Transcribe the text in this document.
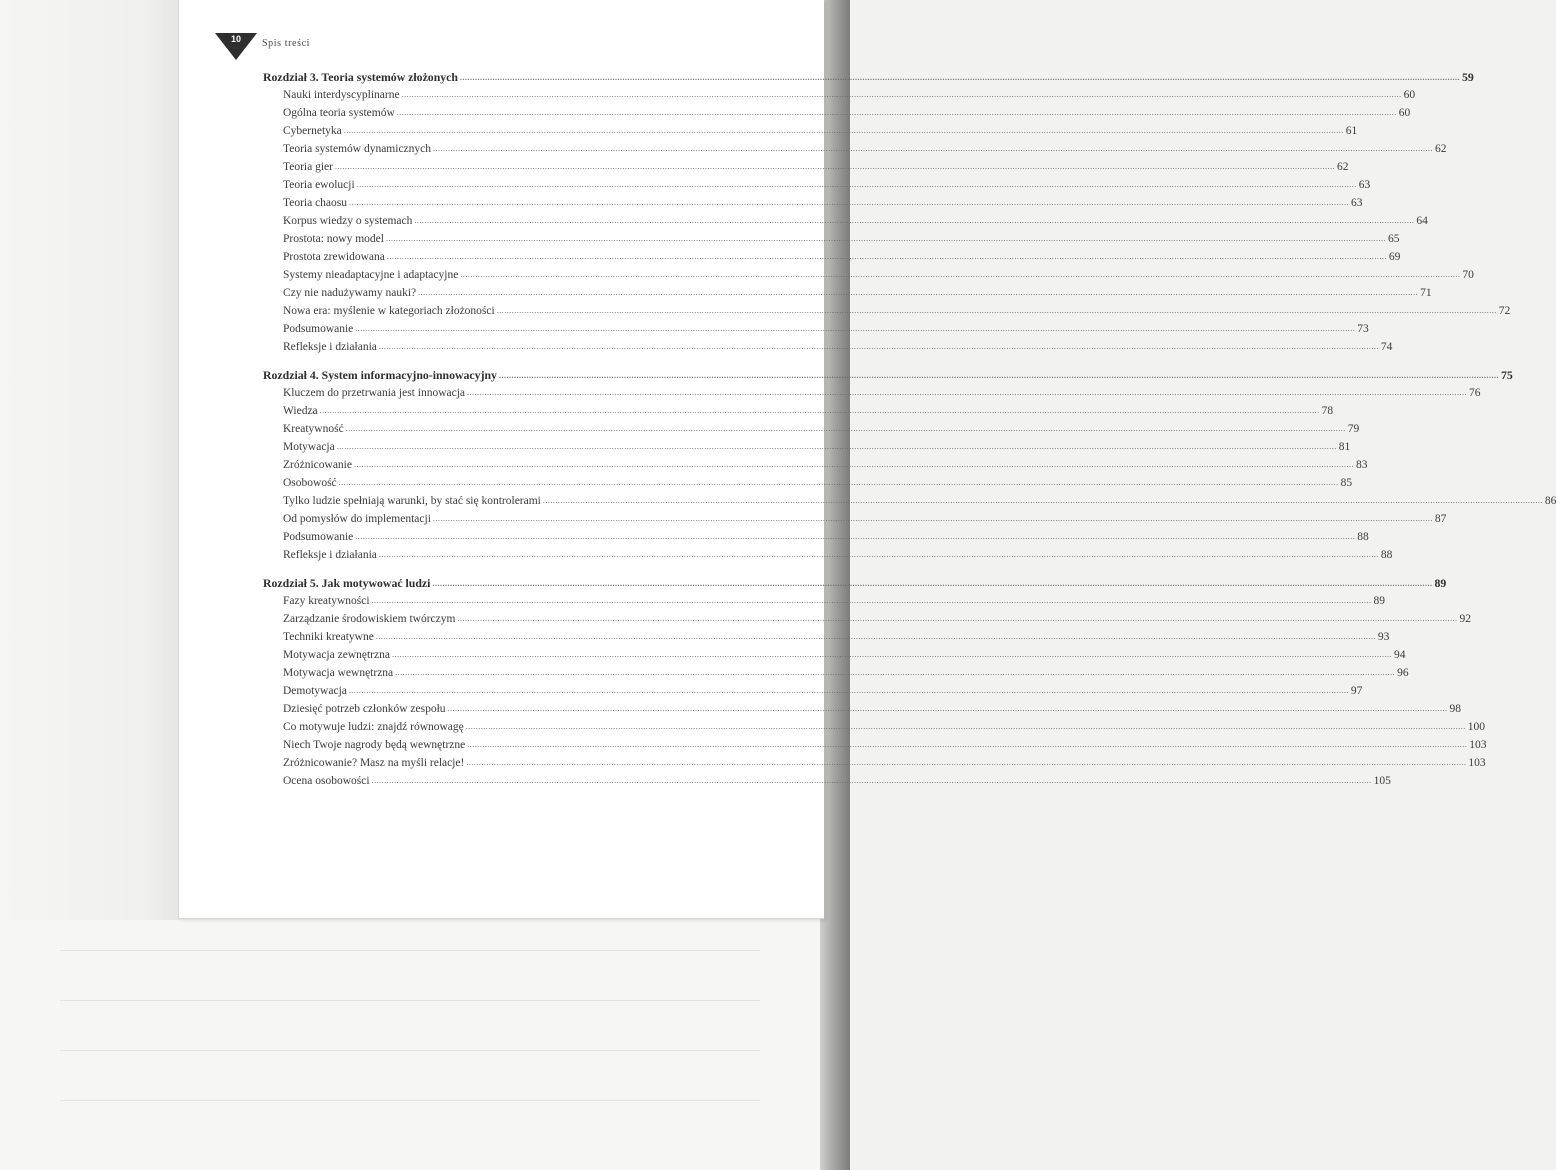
10	Spis treści
Rozdział 3. Teoria systemów złożonych ................................................................................................................................................................................................................................................................................................................................................................................................................ 59
Nauki interdyscyplinarne ................................................................................................................................................................................................................................................................................................................................................................................................................ 60
Ogólna teoria systemów ................................................................................................................................................................................................................................................................................................................................................................................................................ 60
Cybernetyka ................................................................................................................................................................................................................................................................................................................................................................................................................ 61
Teoria systemów dynamicznych ................................................................................................................................................................................................................................................................................................................................................................................................................ 62
Teoria gier ................................................................................................................................................................................................................................................................................................................................................................................................................ 62
Teoria ewolucji ................................................................................................................................................................................................................................................................................................................................................................................................................ 63
Teoria chaosu ................................................................................................................................................................................................................................................................................................................................................................................................................ 63
Korpus wiedzy o systemach ................................................................................................................................................................................................................................................................................................................................................................................................................ 64
Prostota: nowy model ................................................................................................................................................................................................................................................................................................................................................................................................................ 65
Prostota zrewidowana ................................................................................................................................................................................................................................................................................................................................................................................................................ 69
Systemy nieadaptacyjne i adaptacyjne ................................................................................................................................................................................................................................................................................................................................................................................................................ 70
Czy nie nadużywamy nauki? ................................................................................................................................................................................................................................................................................................................................................................................................................ 71
Nowa era: myślenie w kategoriach złożoności ................................................................................................................................................................................................................................................................................................................................................................................................................ 72
Podsumowanie ................................................................................................................................................................................................................................................................................................................................................................................................................ 73
Refleksje i działania ................................................................................................................................................................................................................................................................................................................................................................................................................ 74
Rozdział 4. System informacyjno-innowacyjny ................................................................................................................................................................................................................................................................................................................................................................................................................ 75
Kluczem do przetrwania jest innowacja ................................................................................................................................................................................................................................................................................................................................................................................................................ 76
Wiedza ................................................................................................................................................................................................................................................................................................................................................................................................................ 78
Kreatywność ................................................................................................................................................................................................................................................................................................................................................................................................................ 79
Motywacja ................................................................................................................................................................................................................................................................................................................................................................................................................ 81
Zróżnicowanie ................................................................................................................................................................................................................................................................................................................................................................................................................ 83
Osobowość ................................................................................................................................................................................................................................................................................................................................................................................................................ 85
Tylko ludzie spełniają warunki, by stać się kontrolerami ................................................................................................................................................................................................................................................................................................................................................................................................................ 86
Od pomysłów do implementacji ................................................................................................................................................................................................................................................................................................................................................................................................................ 87
Podsumowanie ................................................................................................................................................................................................................................................................................................................................................................................................................ 88
Refleksje i działania ................................................................................................................................................................................................................................................................................................................................................................................................................ 88
Rozdział 5. Jak motywować ludzi ................................................................................................................................................................................................................................................................................................................................................................................................................ 89
Fazy kreatywności ................................................................................................................................................................................................................................................................................................................................................................................................................ 89
Zarządzanie środowiskiem twórczym ................................................................................................................................................................................................................................................................................................................................................................................................................ 92
Techniki kreatywne ................................................................................................................................................................................................................................................................................................................................................................................................................ 93
Motywacja zewnętrzna ................................................................................................................................................................................................................................................................................................................................................................................................................ 94
Motywacja wewnętrzna ................................................................................................................................................................................................................................................................................................................................................................................................................ 96
Demotywacja ................................................................................................................................................................................................................................................................................................................................................................................................................ 97
Dziesięć potrzeb członków zespołu ................................................................................................................................................................................................................................................................................................................................................................................................................ 98
Co motywuje ludzi: znajdź równowagę ................................................................................................................................................................................................................................................................................................................................................................................................................ 100
Niech Twoje nagrody będą wewnętrzne ................................................................................................................................................................................................................................................................................................................................................................................................................ 103
Zróżnicowanie? Masz na myśli relacje! ................................................................................................................................................................................................................................................................................................................................................................................................................ 103
Ocena osobowości ................................................................................................................................................................................................................................................................................................................................................................................................................ 105
